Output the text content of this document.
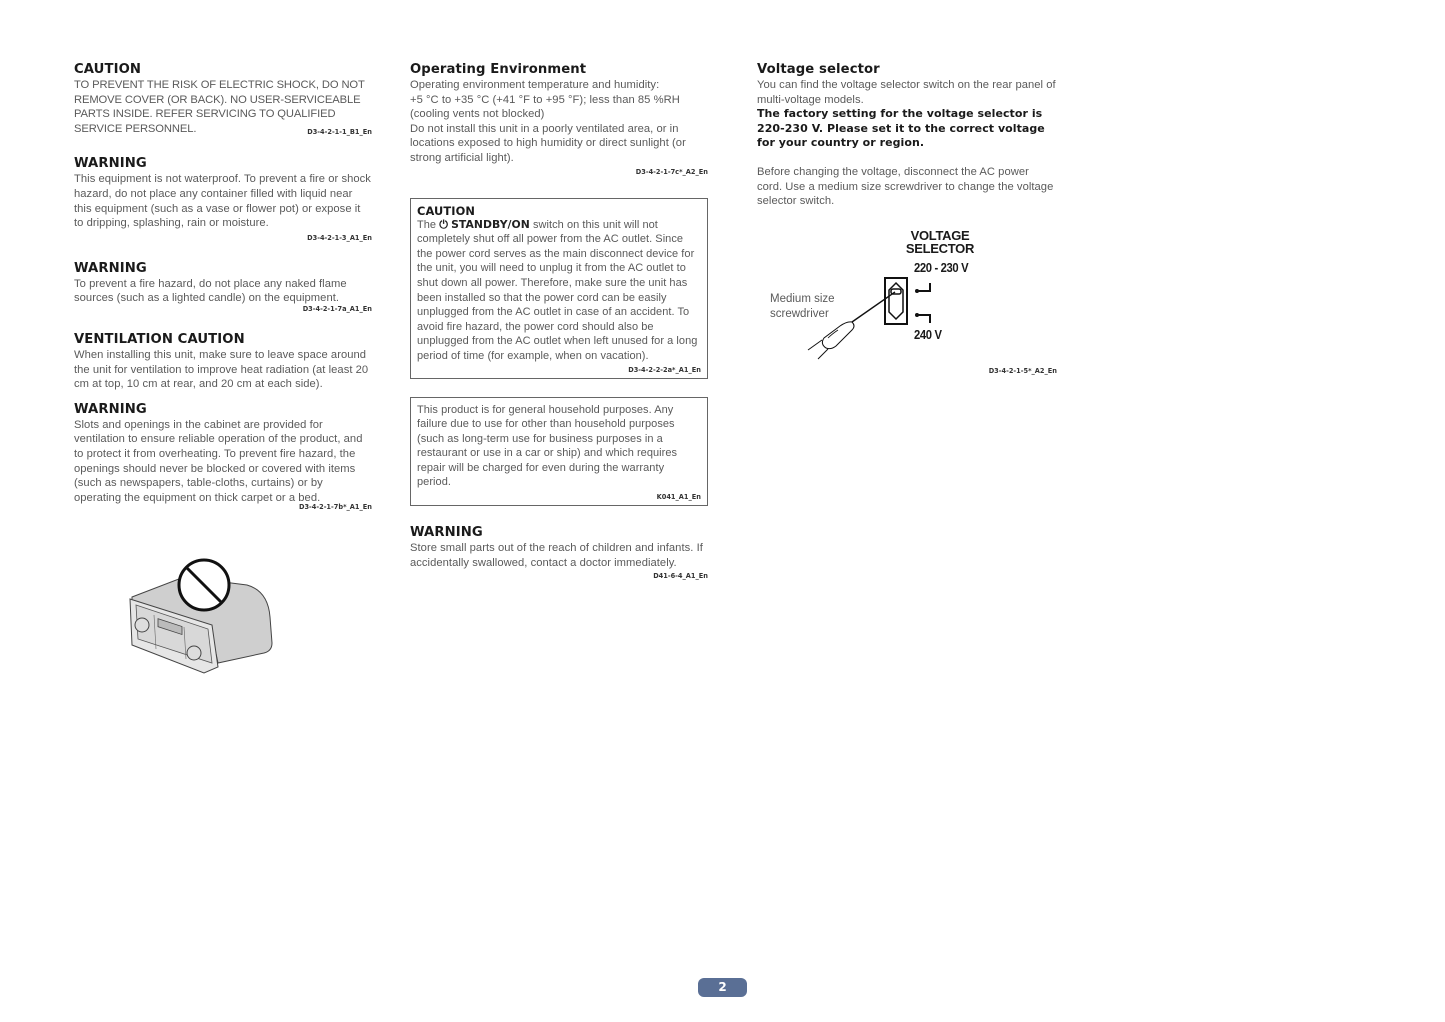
CAUTION

TO PREVENT THE RISK OF ELECTRIC SHOCK, DO NOT REMOVE COVER (OR BACK). NO USER-SERVICEABLE PARTS INSIDE. REFER SERVICING TO QUALIFIED SERVICE PERSONNEL.	D3-4-2-1-1_B1_En
WARNING

This equipment is not waterproof. To prevent a fire or shock hazard, do not place any container filled with liquid near this equipment (such as a vase or flower pot) or expose it to dripping, splashing, rain or moisture.

D3-4-2-1-3_A1_En
WARNING

To prevent a fire hazard, do not place any naked flame sources (such as a lighted candle) on the equipment.

D3-4-2-1-7a_A1_En
VENTILATION CAUTION

When installing this unit, make sure to leave space around the unit for ventilation to improve heat radiation (at least 20 cm at top, 10 cm at rear, and 20 cm at each side).

WARNING

Slots and openings in the cabinet are provided for ventilation to ensure reliable operation of the product, and to protect it from overheating. To prevent fire hazard, the openings should never be blocked or covered with items (such as newspapers, table-cloths, curtains) or by operating the equipment on thick carpet or a bed.

D3-4-2-1-7b*_A1_En
Operating Environment

Operating environment temperature and humidity:

+5 °C to +35 °C (+41 °F to +95 °F); less than 85 %RH (cooling vents not blocked)

Do not install this unit in a poorly ventilated area, or in locations exposed to high humidity or direct sunlight (or strong artificial light).

D3-4-2-1-7c*_A2_En
CAUTION

The ⏻ STANDBY/ON switch on this unit will not completely shut off all power from the AC outlet. Since the power cord serves as the main disconnect device for the unit, you will need to unplug it from the AC outlet to shut down all power. Therefore, make sure the unit has been installed so that the power cord can be easily unplugged from the AC outlet in case of an accident. To avoid fire hazard, the power cord should also be unplugged from the AC outlet when left unused for a long period of time (for example, when on vacation).

D3-4-2-2-2a*_A1_En

This product is for general household purposes. Any failure due to use for other than household purposes (such as long-term use for business purposes in a restaurant or use in a car or ship) and which requires repair will be charged for even during the warranty period.

K041_A1_En
WARNING

Store small parts out of the reach of children and infants. If accidentally swallowed, contact a doctor immediately.

D41-6-4_A1_En
Voltage selector

You can find the voltage selector switch on the rear panel of multi-voltage models.

The factory setting for the voltage selector is 220-230 V. Please set it to the correct voltage for your country or region.

Before changing the voltage, disconnect the AC power cord. Use a medium size screwdriver to change the voltage selector switch.

VOLTAGE
SELECTOR
220 - 230 V
240 V
Medium size
screwdriver
D3-4-2-1-5*_A2_En
2
